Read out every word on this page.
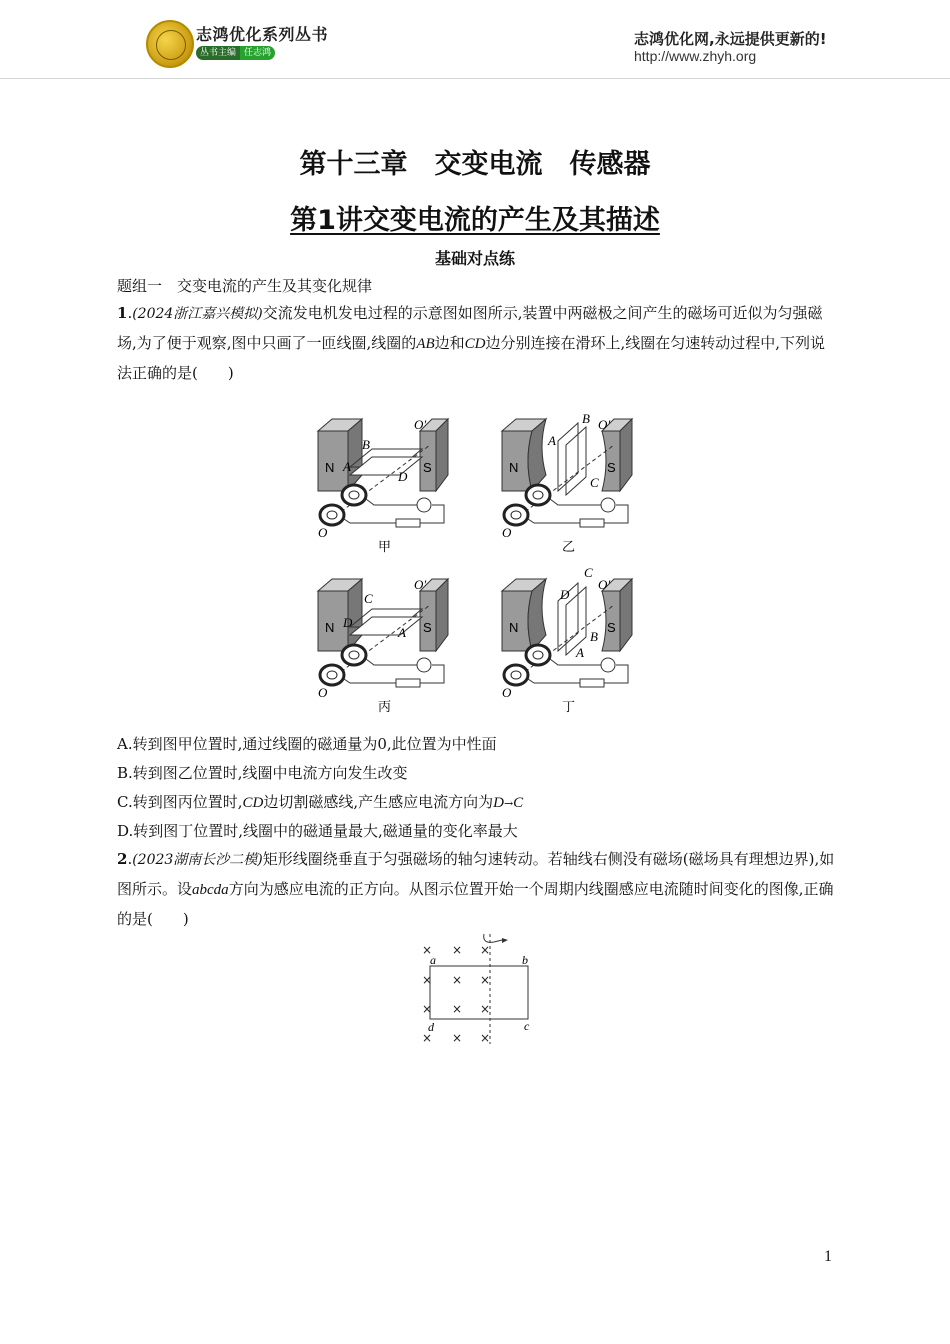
志鸿优化系列丛书
丛书主编 任志鸿
志鸿优化网,永远提供更新的!
http://www.zhyh.org
第十三章　交变电流　传感器
第1讲交变电流的产生及其描述
基础对点练
题组一　交变电流的产生及其变化规律
1.(2024浙江嘉兴模拟)交流发电机发电过程的示意图如图所示,装置中两磁极之间产生的磁场可近似为匀强磁场,为了便于观察,图中只画了一匝线圈,线圈的AB边和CD边分别连接在滑环上,线圈在匀速转动过程中,下列说法正确的是(　　)
N	S
B
A
D
O′
O
甲
N	S
B
A
C
O′
O
乙
N	S
C
D
A
O′
O
丙
N	S
C
D
B
A
O′
O
丁
A.转到图甲位置时,通过线圈的磁通量为0,此位置为中性面
B.转到图乙位置时,线圈中电流方向发生改变
C.转到图丙位置时,CD边切割磁感线,产生感应电流方向为D→C
D.转到图丁位置时,线圈中的磁通量最大,磁通量的变化率最大
2.(2023湖南长沙二模)矩形线圈绕垂直于匀强磁场的轴匀速转动。若轴线右侧没有磁场(磁场具有理想边界),如图所示。设abcda方向为感应电流的正方向。从图示位置开始一个周期内线圈感应电流随时间变化的图像,正确的是(　　)
× × ×
× × ×
× × ×
× × ×
a	b
c
d
1
